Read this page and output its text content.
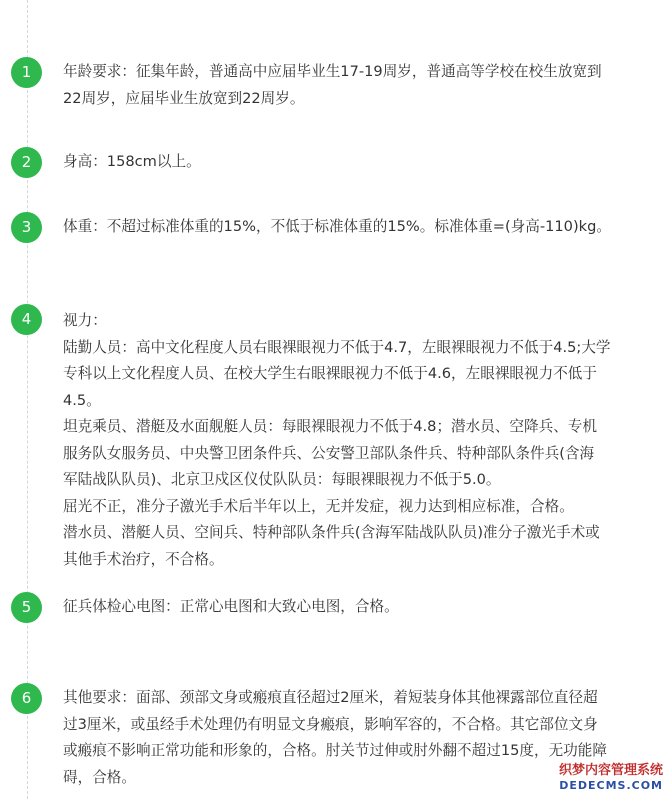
1	年龄要求：征集年龄，普通高中应届毕业生17-19周岁，普通高等学校在校生放宽到
22周岁，应届毕业生放宽到22周岁。
2	身高：158cm以上。
3	体重：不超过标准体重的15%，不低于标准体重的15%。标准体重=(身高-110)kg。
4	视力：
陆勤人员：高中文化程度人员右眼裸眼视力不低于4.7，左眼裸眼视力不低于4.5;大学
专科以上文化程度人员、在校大学生右眼裸眼视力不低于4.6，左眼裸眼视力不低于
4.5。
坦克乘员、潜艇及水面舰艇人员：每眼裸眼视力不低于4.8；潜水员、空降兵、专机
服务队女服务员、中央警卫团条件兵、公安警卫部队条件兵、特种部队条件兵(含海
军陆战队队员)、北京卫戍区仪仗队队员：每眼裸眼视力不低于5.0。
屈光不正，准分子激光手术后半年以上，无并发症，视力达到相应标准，合格。
潜水员、潜艇人员、空间兵、特种部队条件兵(含海军陆战队队员)准分子激光手术或
其他手术治疗，不合格。
5	征兵体检心电图：正常心电图和大致心电图，合格。
6	其他要求：面部、颈部文身或瘢痕直径超过2厘米，着短装身体其他裸露部位直径超
过3厘米，或虽经手术处理仍有明显文身瘢痕，影响军容的，不合格。其它部位文身
或瘢痕不影响正常功能和形象的，合格。肘关节过伸或肘外翻不超过15度，无功能障
碍，合格。	织梦内容管理系统
DEDECMS.COM
